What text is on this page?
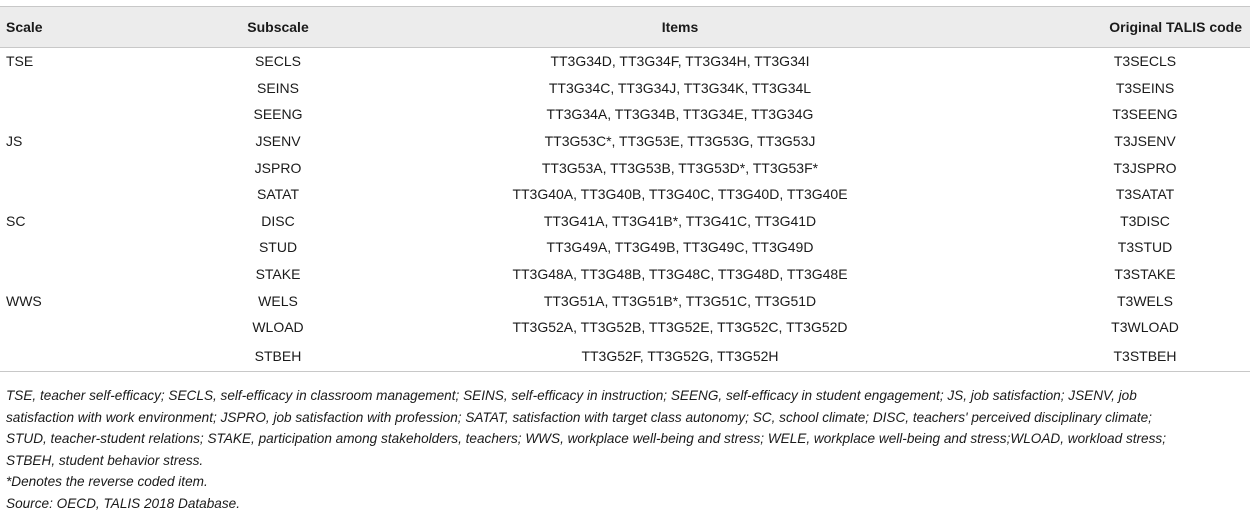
Scale	Subscale	Items	Original TALIS code
TSE	SECLS	TT3G34D, TT3G34F, TT3G34H, TT3G34I	T3SECLS
	SEINS	TT3G34C, TT3G34J, TT3G34K, TT3G34L	T3SEINS
	SEENG	TT3G34A, TT3G34B, TT3G34E, TT3G34G	T3SEENG
JS	JSENV	TT3G53C*, TT3G53E, TT3G53G, TT3G53J	T3JSENV
	JSPRO	TT3G53A, TT3G53B, TT3G53D*, TT3G53F*	T3JSPRO
	SATAT	TT3G40A, TT3G40B, TT3G40C, TT3G40D, TT3G40E	T3SATAT
SC	DISC	TT3G41A, TT3G41B*, TT3G41C, TT3G41D	T3DISC
	STUD	TT3G49A, TT3G49B, TT3G49C, TT3G49D	T3STUD
	STAKE	TT3G48A, TT3G48B, TT3G48C, TT3G48D, TT3G48E	T3STAKE
WWS	WELS	TT3G51A, TT3G51B*, TT3G51C, TT3G51D	T3WELS
	WLOAD	TT3G52A, TT3G52B, TT3G52E, TT3G52C, TT3G52D	T3WLOAD
	STBEH	TT3G52F, TT3G52G, TT3G52H	T3STBEH

TSE, teacher self-efficacy; SECLS, self-efficacy in classroom management; SEINS, self-efficacy in instruction; SEENG, self-efficacy in student engagement; JS, job satisfaction; JSENV, job satisfaction with work environment; JSPRO, job satisfaction with profession; SATAT, satisfaction with target class autonomy; SC, school climate; DISC, teachers' perceived disciplinary climate; STUD, teacher-student relations; STAKE, participation among stakeholders, teachers; WWS, workplace well-being and stress; WELE, workplace well-being and stress;WLOAD, workload stress; STBEH, student behavior stress.

*Denotes the reverse coded item.

Source: OECD, TALIS 2018 Database.
